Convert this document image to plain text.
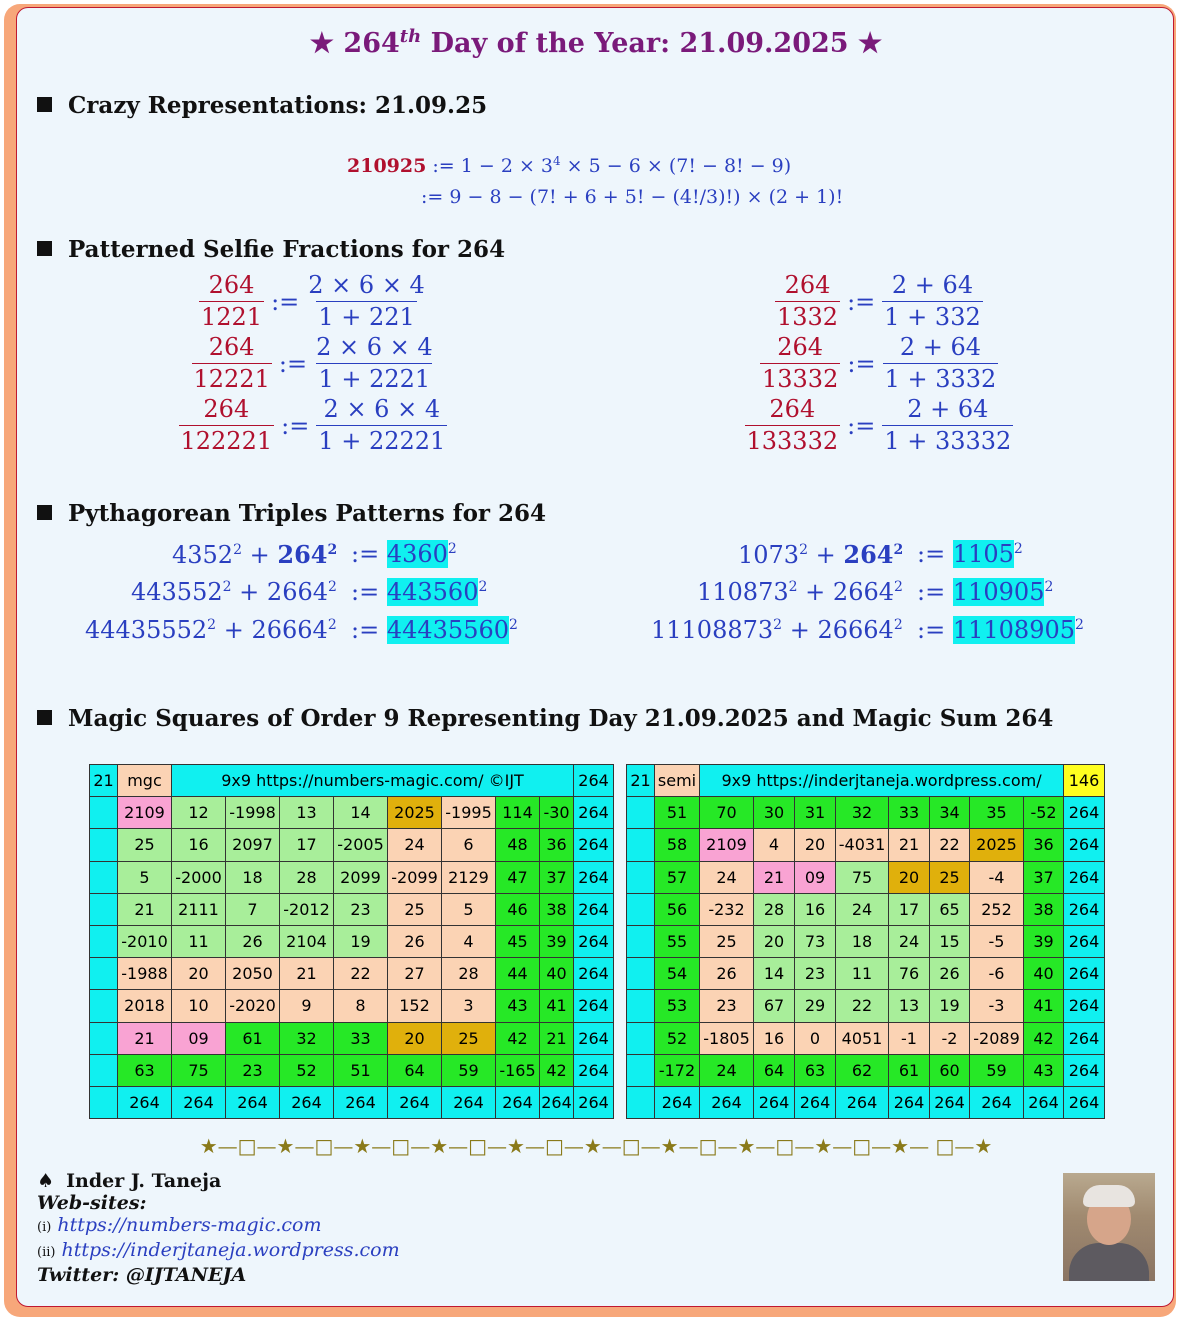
★ 264th Day of the Year: 21.09.2025 ★
Crazy Representations: 21.09.25
210925 := $1 - 2 \times 3^4 \times 5 - 6 \times (7$! − 8! − 9)
:= 9 − 8 − (7! + 6 + 5! − (4!/3)!) × (2 + 1)!
Patterned Selfie Fractions for 264
$\frac{264}{1221}$ := $\frac{2 \times 6 \times 4}{1 + 221}$
$\frac{264}{12221}$ := $\frac{2 \times 6 \times 4}{1 + 2221}$
$\frac{264}{122221}$ := $\frac{2 \times 6 \times 4}{1 + 22221}$
$\frac{264}{1332}$ := $\frac{2 + 64}{1 + 332}$
$\frac{264}{13332}$ := $\frac{2 + 64}{1 + 3332}$
$\frac{264}{133332}$ := $\frac{2 + 64}{1 + 33332}$
Pythagorean Triples Patterns for 264
$4352^2 + 264^2$ := $4360^2$
$443552^2 + 2664^2$ := $443560^2$
$44435552^2 + 26664^2$ := $44435560^2$
$1073^2 + 264^2$ := $1105^2$
$110873^2 + 2664^2$ := $110905^2$
$11108873^2 + 26664^2$ := $11108905^2$
Magic Squares of Order 9 Representing Day 21.09.2025 and Magic Sum 264
21	mgc	9x9 https://numbers-magic.com/ ©IJT								264
	2109	12	-1998	13	14	2025	-1995	114	-30	264
	25	16	2097	17	-2005	24	6	48	36	264
	5	-2000	18	28	2099	-2099	2129	47	37	264
	21	2111	7	-2012	23	25	5	46	38	264
	-2010	11	26	2104	19	26	4	45	39	264
	-1988	20	2050	21	22	27	28	44	40	264
	2018	10	-2020	9	8	152	3	43	41	264
	21	09	61	32	33	20	25	42	21	264
	63	75	23	52	51	64	59	-165	42	264
	264	264	264	264	264	264	264	264	264	264
21	semi	9x9 https://inderjtaneja.wordpress.com/								146
	51	70	30	31	32	33	34	35	-52	264
	58	2109	4	20	-4031	21	22	2025	36	264
	57	24	21	09	75	20	25	-4	37	264
	56	-232	28	16	24	17	65	252	38	264
	55	25	20	73	18	24	15	-5	39	264
	54	26	14	23	11	76	26	-6	40	264
	53	23	67	29	22	13	19	-3	41	264
	52	-1805	16	0	4051	-1	-2	-2089	42	264
	-172	24	64	63	62	61	60	59	43	264
	264	264	264	264	264	264	264	264	264	264
★—□—★—□—★—□—★—□—★—□—★—□—★—□—★—□—★—□—★— □—★
♠ Inder J. Taneja
Web-sites:
(i) https://numbers-magic.com
(ii) https://inderjtaneja.wordpress.com
Twitter: @IJTANEJA
